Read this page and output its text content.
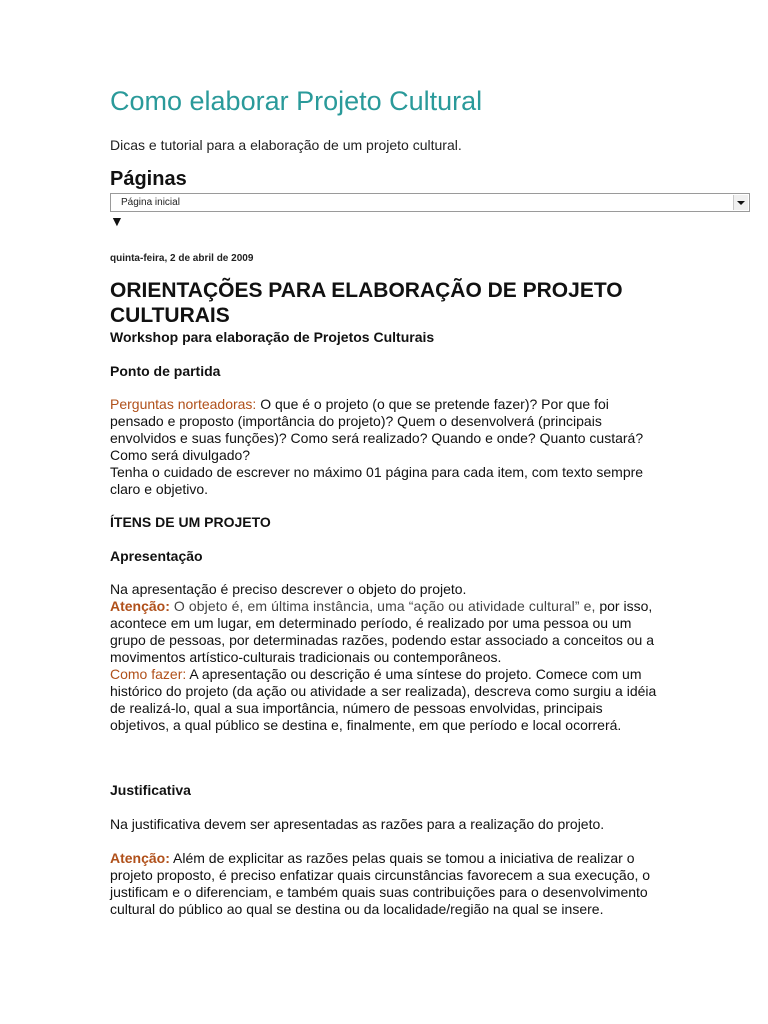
Como elaborar Projeto Cultural
Dicas e tutorial para a elaboração de um projeto cultural.
Páginas
Página inicial
▼
quinta-feira, 2 de abril de 2009
ORIENTAÇÕES PARA ELABORAÇÃO DE PROJETO CULTURAIS
Workshop para elaboração de Projetos Culturais
Ponto de partida

Perguntas norteadoras: O que é o projeto (o que se pretende fazer)? Por que foi pensado e proposto (importância do projeto)? Quem o desenvolverá (principais envolvidos e suas funções)? Como será realizado? Quando e onde? Quanto custará? Como será divulgado?

Tenha o cuidado de escrever no máximo 01 página para cada item, com texto sempre claro e objetivo.

ÍTENS DE UM PROJETO
Apresentação

Na apresentação é preciso descrever o objeto do projeto.

Atenção: O objeto é, em última instância, uma “ação ou atividade cultural” e, por isso, acontece em um lugar, em determinado período, é realizado por uma pessoa ou um grupo de pessoas, por determinadas razões, podendo estar associado a conceitos ou a movimentos artístico-culturais tradicionais ou contemporâneos.

Como fazer: A apresentação ou descrição é uma síntese do projeto. Comece com um histórico do projeto (da ação ou atividade a ser realizada), descreva como surgiu a idéia de realizá-lo, qual a sua importância, número de pessoas envolvidas, principais objetivos, a qual público se destina e, finalmente, em que período e local ocorrerá.

Justificativa
Na justificativa devem ser apresentadas as razões para a realização do projeto.

Atenção: Além de explicitar as razões pelas quais se tomou a iniciativa de realizar o projeto proposto, é preciso enfatizar quais circunstâncias favorecem a sua execução, o justificam e o diferenciam, e também quais suas contribuições para o desenvolvimento cultural do público ao qual se destina ou da localidade/região na qual se insere.
